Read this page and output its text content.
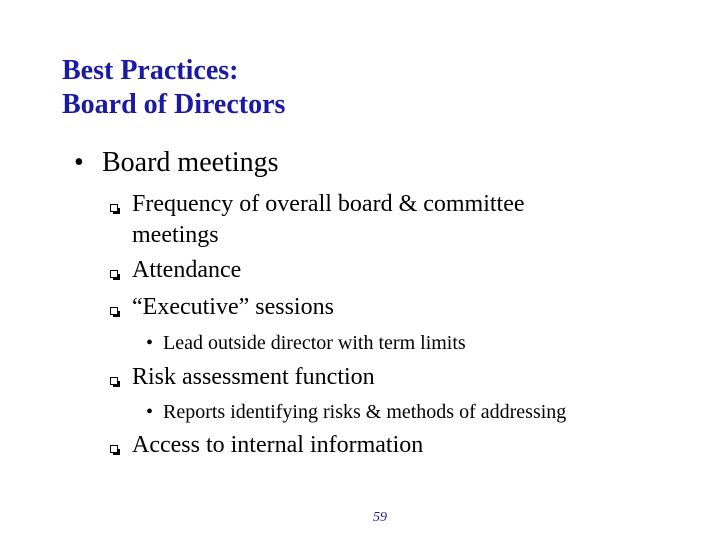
Best Practices:
Board of Directors
• Board meetings
Frequency of overall board & committee meetings
Attendance
“Executive” sessions
• Lead outside director with term limits
Risk assessment function
• Reports identifying risks & methods of addressing
Access to internal information
59
